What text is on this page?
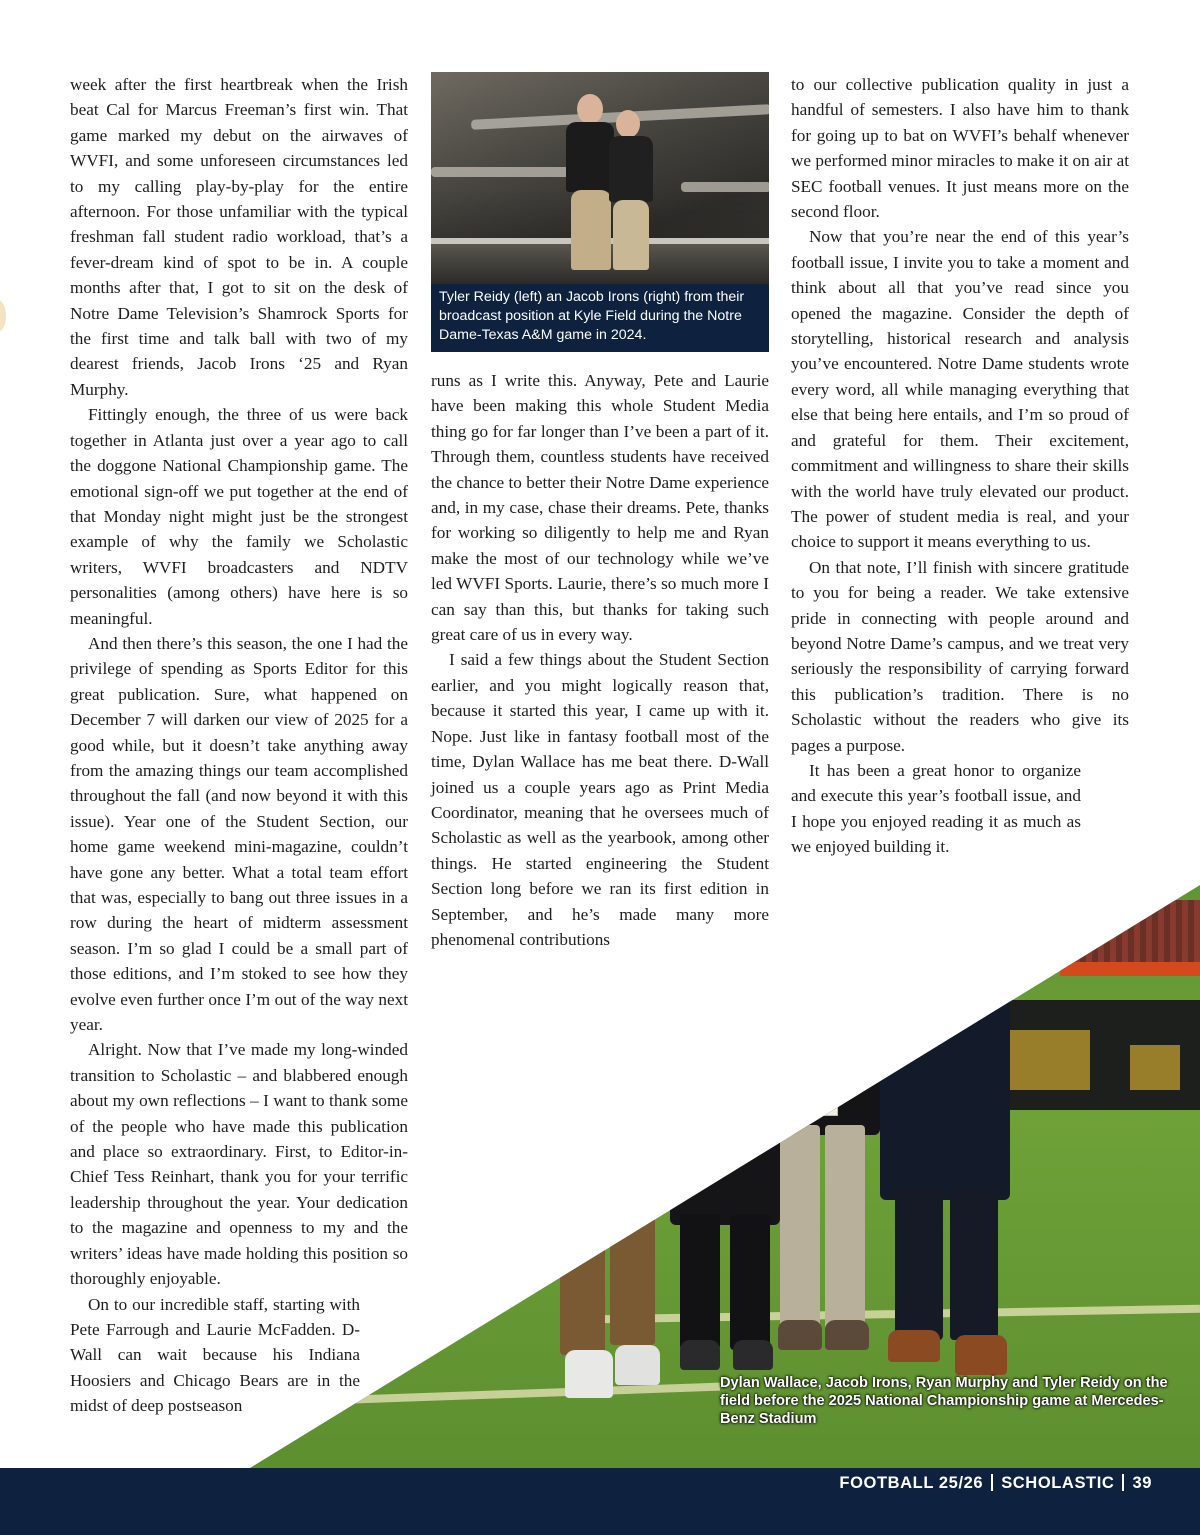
week after the first heartbreak when the Irish beat Cal for Marcus Freeman’s first win. That game marked my debut on the airwaves of WVFI, and some unforeseen circumstances led to my calling play-by-play for the entire afternoon. For those unfamiliar with the typical freshman fall student radio workload, that’s a fever-dream kind of spot to be in. A couple months after that, I got to sit on the desk of Notre Dame Television’s Shamrock Sports for the first time and talk ball with two of my dearest friends, Jacob Irons ‘25 and Ryan Murphy.

Fittingly enough, the three of us were back together in Atlanta just over a year ago to call the doggone National Championship game. The emotional sign-off we put together at the end of that Monday night might just be the strongest example of why the family we Scholastic writers, WVFI broadcasters and NDTV personalities (among others) have here is so meaningful.

And then there’s this season, the one I had the privilege of spending as Sports Editor for this great publication. Sure, what happened on December 7 will darken our view of 2025 for a good while, but it doesn’t take anything away from the amazing things our team accomplished throughout the fall (and now beyond it with this issue). Year one of the Student Section, our home game weekend mini-magazine, couldn’t have gone any better. What a total team effort that was, especially to bang out three issues in a row during the heart of midterm assessment season. I’m so glad I could be a small part of those editions, and I’m stoked to see how they evolve even further once I’m out of the way next year.

Alright. Now that I’ve made my long-winded transition to Scholastic – and blabbered enough about my own reflections – I want to thank some of the people who have made this publication and place so extraordinary. First, to Editor-in-Chief Tess Reinhart, thank you for your terrific leadership throughout the year. Your dedication to the magazine and openness to my and the writers’ ideas have made holding this position so thoroughly enjoyable.

On to our incredible staff, starting with Pete Farrough and Laurie McFadden. D-Wall can wait because his Indiana Hoosiers and Chicago Bears are in the midst of deep postseason

Tyler Reidy (left) an Jacob Irons (right) from their broadcast position at Kyle Field during the Notre Dame-Texas A&M game in 2024.

runs as I write this. Anyway, Pete and Laurie have been making this whole Student Media thing go for far longer than I’ve been a part of it. Through them, countless students have received the chance to better their Notre Dame experience and, in my case, chase their dreams. Pete, thanks for working so diligently to help me and Ryan make the most of our technology while we’ve led WVFI Sports. Laurie, there’s so much more I can say than this, but thanks for taking such great care of us in every way.

I said a few things about the Student Section earlier, and you might logically reason that, because it started this year, I came up with it. Nope. Just like in fantasy football most of the time, Dylan Wallace has me beat there. D-Wall joined us a couple years ago as Print Media Coordinator, meaning that he oversees much of Scholastic as well as the yearbook, among other things. He started engineering the Student Section long before we ran its first edition in September, and he’s made many more phenomenal contributions

to our collective publication quality in just a handful of semesters. I also have him to thank for going up to bat on WVFI’s behalf whenever we performed minor miracles to make it on air at SEC football venues. It just means more on the second floor.

Now that you’re near the end of this year’s football issue, I invite you to take a moment and think about all that you’ve read since you opened the magazine. Consider the depth of storytelling, historical research and analysis you’ve encountered. Notre Dame students wrote every word, all while managing everything that else that being here entails, and I’m so proud of and grateful for them. Their excitement, commitment and willingness to share their skills with the world have truly elevated our product. The power of student media is real, and your choice to support it means everything to us.

On that note, I’ll finish with sincere gratitude to you for being a reader. We take extensive pride in connecting with people around and beyond Notre Dame’s campus, and we treat very seriously the responsibility of carrying forward this publication’s tradition. There is no Scholastic without the readers who give its pages a purpose.

It has been a great honor to organize and execute this year’s football issue, and I hope you enjoyed reading it as much as we enjoyed building it.

Dylan Wallace, Jacob Irons, Ryan Murphy and Tyler Reidy on the field before the 2025 National Championship game at Mercedes-Benz Stadium
FOOTBALL 25/26 SCHOLASTIC 39
